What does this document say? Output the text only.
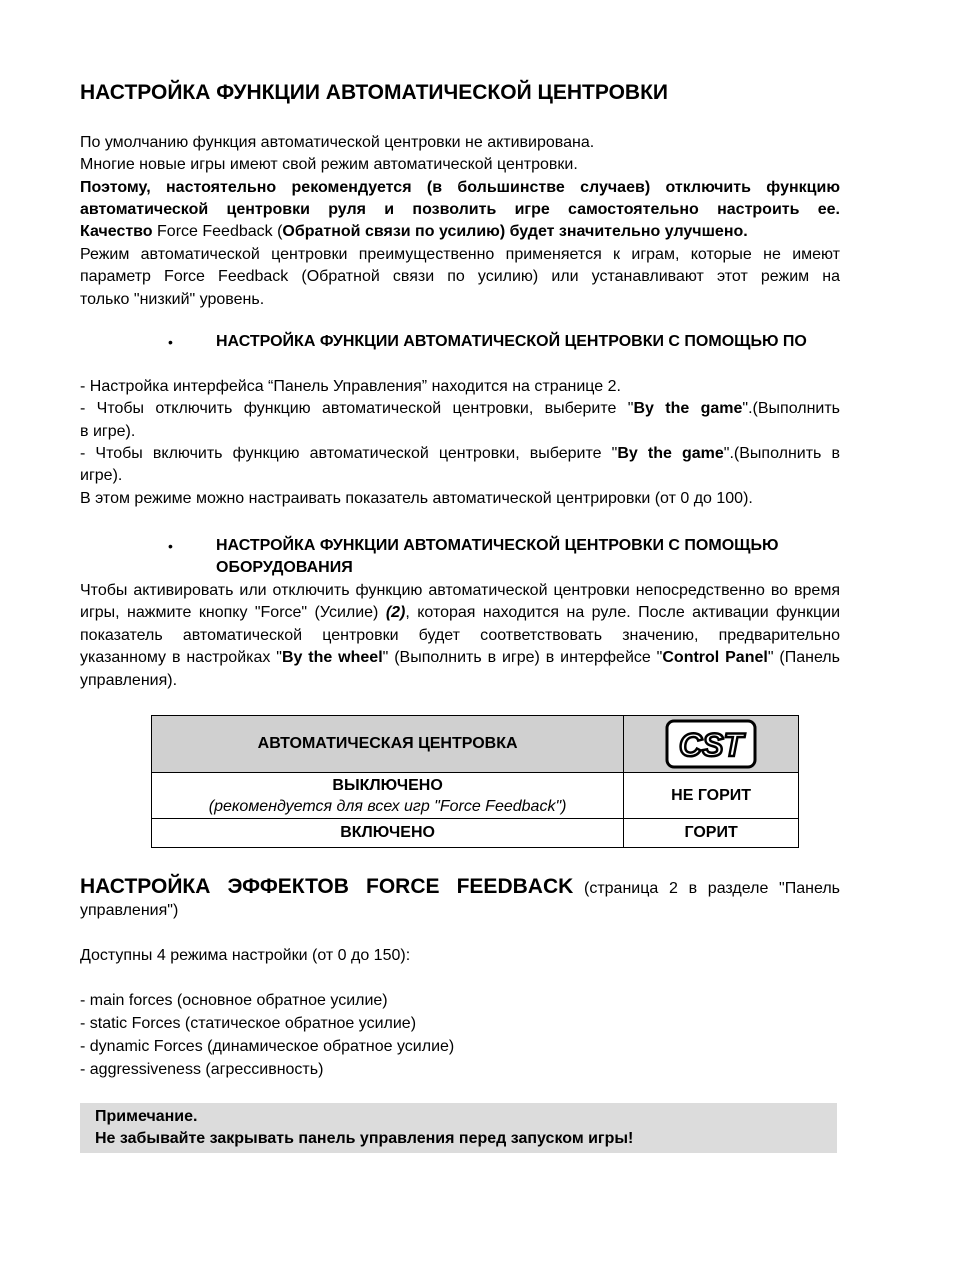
НАСТРОЙКА ФУНКЦИИ АВТОМАТИЧЕСКОЙ ЦЕНТРОВКИ
По умолчанию функция автоматической центровки не активирована.
Многие новые игры имеют свой режим автоматической центровки.
Поэтому, настоятельно рекомендуется (в большинстве случаев) отключить функцию
автоматической центровки руля и позволить игре самостоятельно настроить ее.
Качество Force Feedback (Обратной связи по усилию) будет значительно улучшено.
Режим автоматической центровки преимущественно применяется к играм, которые не имеют
параметр Force Feedback (Обратной связи по усилию) или устанавливают этот режим на
только "низкий" уровень.
•	НАСТРОЙКА ФУНКЦИИ АВТОМАТИЧЕСКОЙ ЦЕНТРОВКИ С ПОМОЩЬЮ ПО
- Настройка интерфейса “Панель Управления” находится на странице 2.
- Чтобы отключить функцию автоматической центровки, выберите "By the game".(Выполнить
в игре).
- Чтобы включить функцию автоматической центровки, выберите "By the game".(Выполнить в
игре).
В этом режиме можно настраивать показатель автоматической центрировки (от 0 до 100).
•	НАСТРОЙКА ФУНКЦИИ АВТОМАТИЧЕСКОЙ ЦЕНТРОВКИ С ПОМОЩЬЮ
ОБОРУДОВАНИЯ
Чтобы активировать или отключить функцию автоматической центровки непосредственно во время
игры, нажмите кнопку "Force" (Усилие) (2), которая находится на руле. После активации функции
показатель автоматической центровки будет соответствовать значению, предварительно
указанному в настройках "By the wheel" (Выполнить в игре) в интерфейсе "Control Panel" (Панель
управления).
АВТОМАТИЧЕСКАЯ ЦЕНТРОВКА	CST

ВЫКЛЮЧЕНО
(рекомендуется для всех игр "Force Feedback")	НЕ ГОРИТ
ВКЛЮЧЕНО	ГОРИТ
НАСТРОЙКА ЭФФЕКТОВ FORCE FEEDBACK (страница 2 в разделе "Панель
управления")
Доступны 4 режима настройки (от 0 до 150):
- main forces (основное обратное усилие)
- static Forces (статическое обратное усилие)
- dynamic Forces (динамическое обратное усилие)
- aggressiveness (агрессивность)
Примечание.
Не забывайте закрывать панель управления перед запуском игры!
